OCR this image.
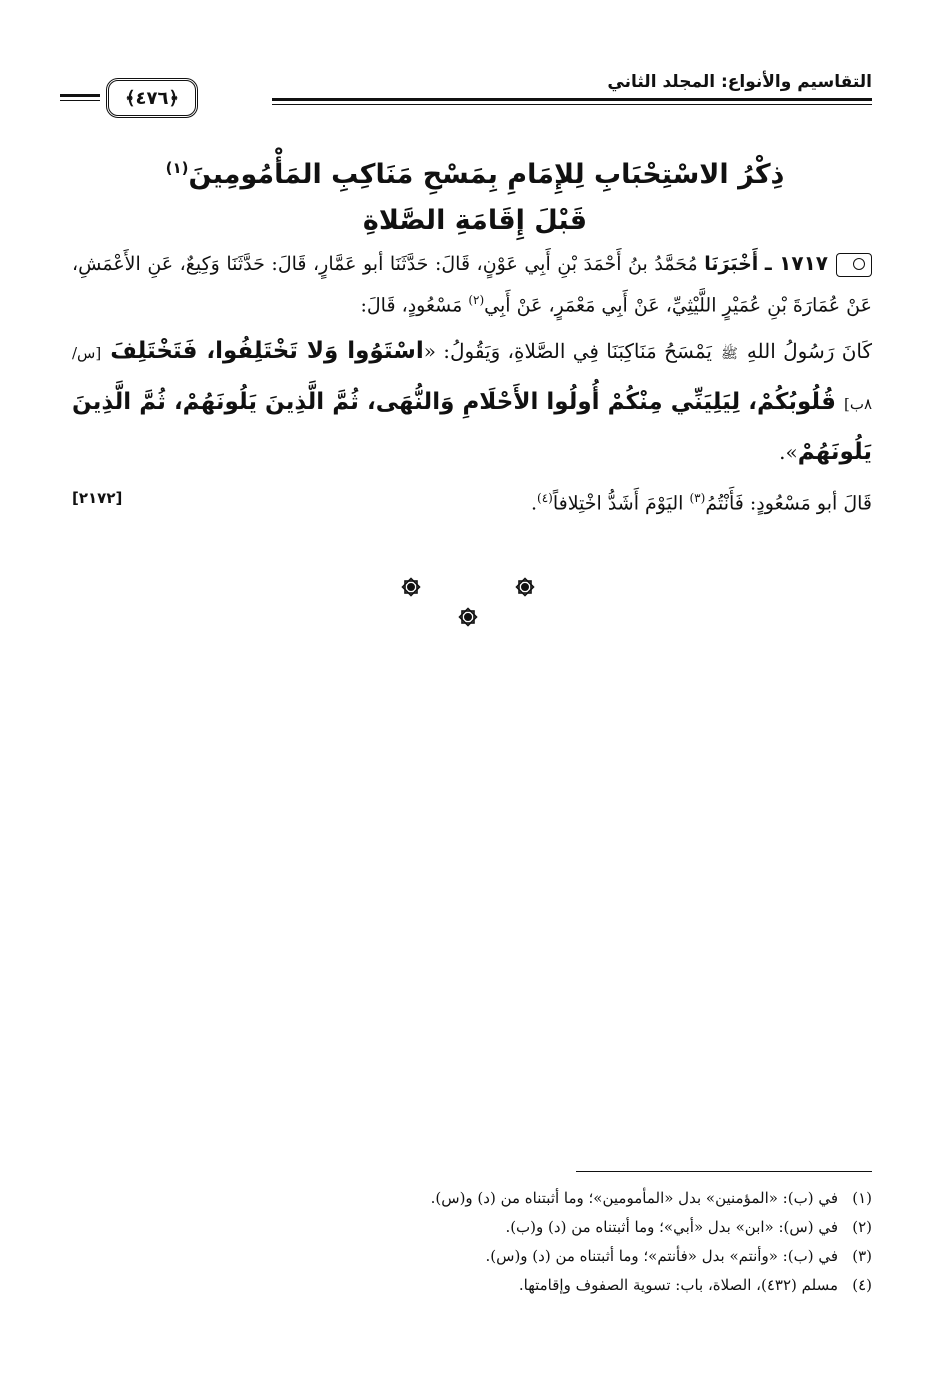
التقاسيم والأنواع: المجلد الثاني
﴿٤٧٦﴾
ذِكْرُ الاسْتِحْبَابِ لِلإِمَامِ بِمَسْحِ مَنَاكِبِ المَأْمُومِينَ$^{(١)}$
قَبْلَ إِقَامَةِ الصَّلاةِ

١٧١٧ ـ أَخْبَرَنَا مُحَمَّدُ بنُ أَحْمَدَ بْنِ أَبِي عَوْنٍ، قَالَ: حَدَّثَنَا أبو عَمَّارٍ، قَالَ: حَدَّثَنَا وَكِيعٌ، عَنِ الأَعْمَشِ، عَنْ عُمَارَةَ بْنِ عُمَيْرٍ اللَّيْثِيِّ، عَنْ أَبِي مَعْمَرٍ، عَنْ أَبِي$^{(٢)}$ مَسْعُودٍ، قَالَ:

كَانَ رَسُولُ اللهِ ﷺ يَمْسَحُ مَنَاكِبَنَا فِي الصَّلاةِ، وَيَقُولُ: «اسْتَوُوا وَلا تَخْتَلِفُوا، فَتَخْتَلِفَ [س/٨ب] قُلُوبُكُمْ، لِيَلِيَنِّي مِنْكُمْ أُولُوا الأَحْلَامِ وَالنُّهَى، ثُمَّ الَّذِينَ يَلُونَهُمْ، ثُمَّ الَّذِينَ يَلُونَهُمْ».

قَالَ أبو مَسْعُودٍ: فَأَنْتُمُ$^{(٣)}$ اليَوْمَ أَشَدُّ اخْتِلافاً$^{(٤)}$.
[٢١٧٢]

(١)في (ب): «المؤمنين» بدل «المأمومين»؛ وما أثبتناه من (د) و(س).
(٢)في (س): «ابن» بدل «أبي»؛ وما أثبتناه من (د) و(ب).
(٣)في (ب): «وأنتم» بدل «فأنتم»؛ وما أثبتناه من (د) و(س).
(٤)مسلم (٤٣٢)، الصلاة، باب: تسوية الصفوف وإقامتها.
